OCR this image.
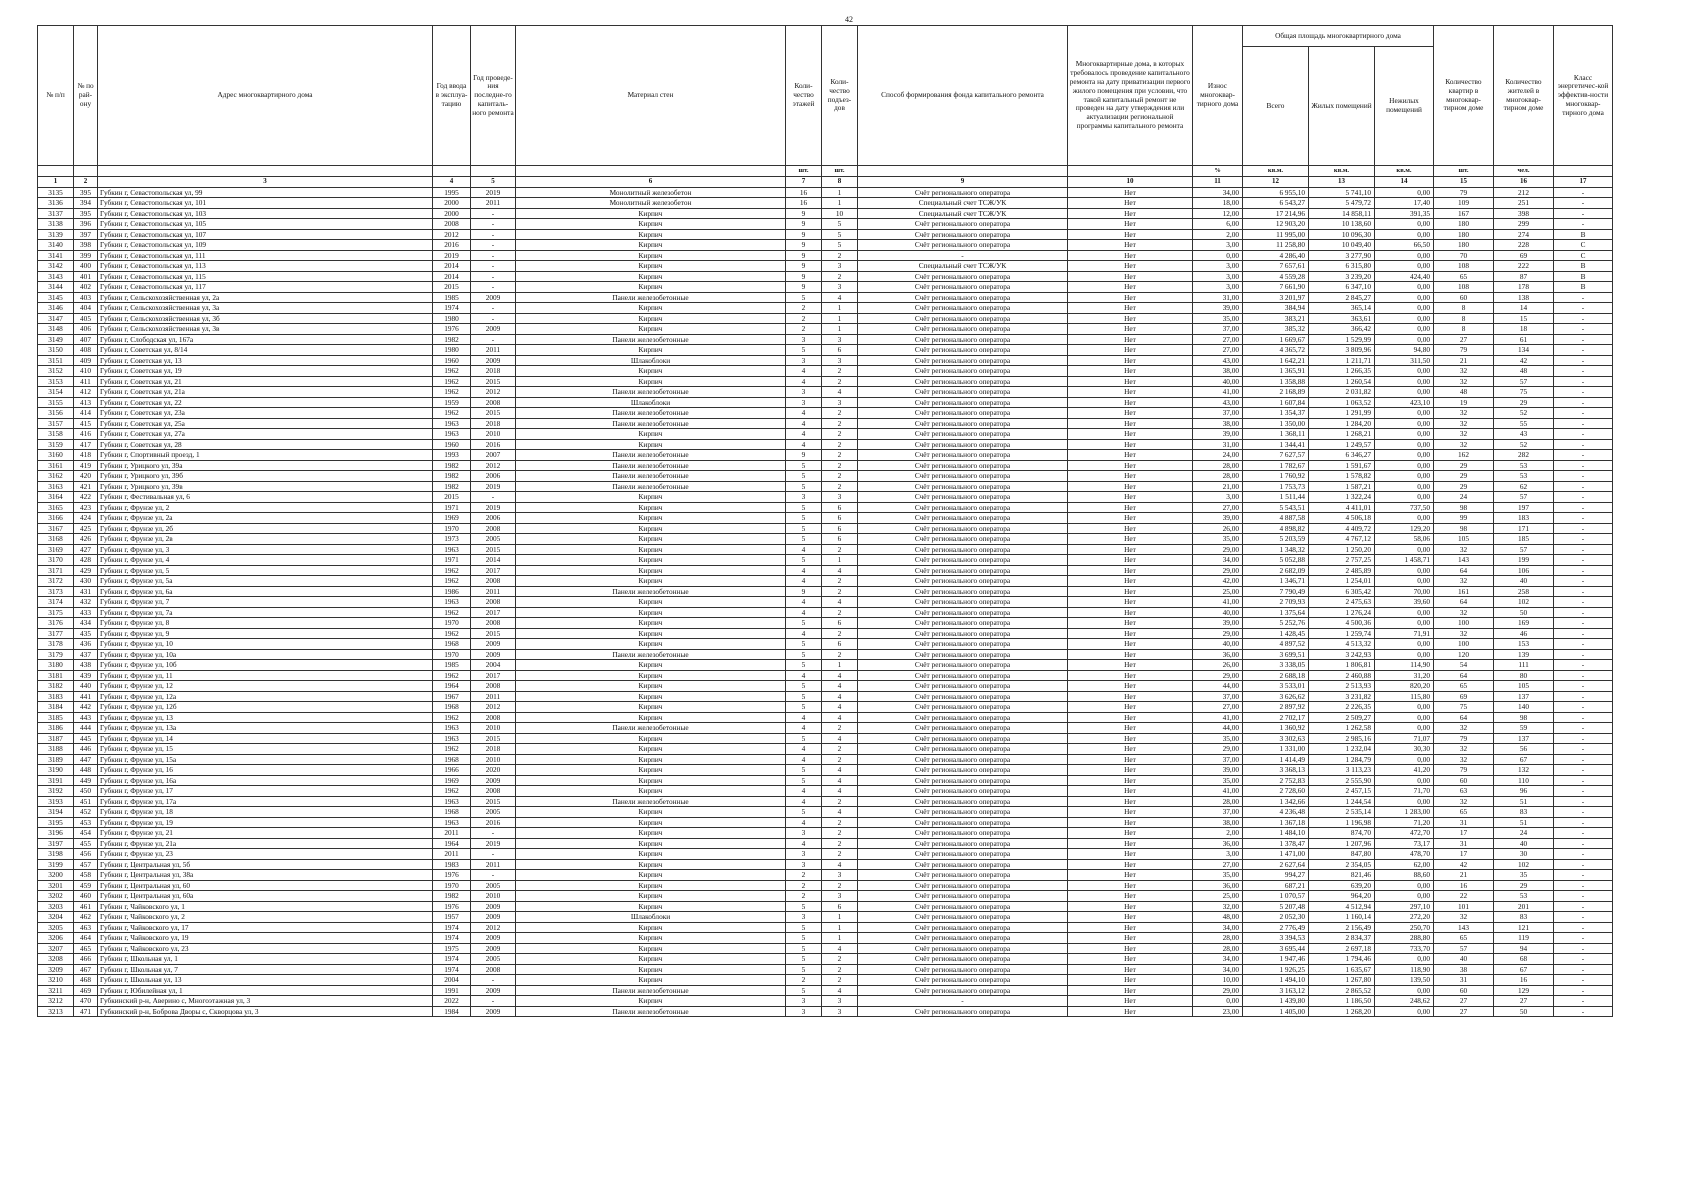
42
№ п/п	№ по рай-ону	Адрес многоквартирного дома	Год ввода в эксплуа-тацию	Год проведе-ния последне-го капиталь-ного ремонта	Материал стен	Коли-чество этажей	Коли-чество подъез-дов	Способ формирования фонда капитального ремонта	Многоквартирные дома, в которых требовалось проведение капитального ремонта на дату приватизации первого жилого помещения при условии, что такой капитальный ремонт не проведен на дату утверждения или актуализации региональной программы капитального ремонта	Износ многоквар-тирного дома	Общая площадь многоквартирного дома			Количество квартир в многоквар-тирном доме	Количество жителей в многоквар-тирном доме	Класс энергетичес-кой эффектив-ности многоквар-тирного дома
											Всего	Жилых помещений	Нежилых помещений			
						шт.	шт.			%	кв.м.	кв.м.	кв.м.	шт.	чел.	
1	2	3	4	5	6	7	8	9	10	11	12	13	14	15	16	17
3135	395	Губкин г, Севастопольская ул, 99	1995	2019	Монолитный железобетон	16	1	Счёт регионального оператора	Нет	34,00	6 955,10	5 741,10	0,00	79	212	-
3136	394	Губкин г, Севастопольская ул, 101	2000	2011	Монолитный железобетон	16	1	Специальный счет ТСЖ/УК	Нет	18,00	6 543,27	5 479,72	17,40	109	251	-
3137	395	Губкин г, Севастопольская ул, 103	2000	-	Кирпич	9	10	Специальный счет ТСЖ/УК	Нет	12,00	17 214,96	14 858,11	391,35	167	398	-
3138	396	Губкин г, Севастопольская ул, 105	2008	-	Кирпич	9	5	Счёт регионального оператора	Нет	6,00	12 903,20	10 138,60	0,00	180	299	-
3139	397	Губкин г, Севастопольская ул, 107	2012	-	Кирпич	9	5	Счёт регионального оператора	Нет	2,00	11 995,00	10 096,30	0,00	180	274	B
3140	398	Губкин г, Севастопольская ул, 109	2016	-	Кирпич	9	5	Счёт регионального оператора	Нет	3,00	11 258,80	10 049,40	66,50	180	228	C
3141	399	Губкин г, Севастопольская ул, 111	2019	-	Кирпич	9	2	-	Нет	0,00	4 286,40	3 277,90	0,00	70	69	C
3142	400	Губкин г, Севастопольская ул, 113	2014	-	Кирпич	9	3	Специальный счет ТСЖ/УК	Нет	3,00	7 657,61	6 315,80	0,00	108	222	B
3143	401	Губкин г, Севастопольская ул, 115	2014	-	Кирпич	9	2	Счёт регионального оператора	Нет	3,00	4 559,28	3 239,20	424,40	65	87	B
3144	402	Губкин г, Севастопольская ул, 117	2015	-	Кирпич	9	3	Счёт регионального оператора	Нет	3,00	7 661,90	6 347,10	0,00	108	178	B
3145	403	Губкин г, Сельскохозяйственная ул, 2а	1985	2009	Панели железобетонные	5	4	Счёт регионального оператора	Нет	31,00	3 201,97	2 845,27	0,00	60	138	-
3146	404	Губкин г, Сельскохозяйственная ул, 3а	1974	-	Кирпич	2	1	Счёт регионального оператора	Нет	39,00	384,94	365,14	0,00	8	14	-
3147	405	Губкин г, Сельскохозяйственная ул, 3б	1980	-	Кирпич	2	1	Счёт регионального оператора	Нет	35,00	383,21	363,61	0,00	8	15	-
3148	406	Губкин г, Сельскохозяйственная ул, 3в	1976	2009	Кирпич	2	1	Счёт регионального оператора	Нет	37,00	385,32	366,42	0,00	8	18	-
3149	407	Губкин г, Слободская ул, 167а	1982	-	Панели железобетонные	3	3	Счёт регионального оператора	Нет	27,00	1 669,67	1 529,99	0,00	27	61	-
3150	408	Губкин г, Советская ул, 8/14	1980	2011	Кирпич	5	6	Счёт регионального оператора	Нет	27,00	4 365,72	3 809,96	94,80	79	134	-
3151	409	Губкин г, Советская ул, 13	1960	2009	Шлакоблоки	3	3	Счёт регионального оператора	Нет	43,00	1 642,21	1 211,71	311,50	21	42	-
3152	410	Губкин г, Советская ул, 19	1962	2018	Кирпич	4	2	Счёт регионального оператора	Нет	38,00	1 365,91	1 266,35	0,00	32	48	-
3153	411	Губкин г, Советская ул, 21	1962	2015	Кирпич	4	2	Счёт регионального оператора	Нет	40,00	1 358,88	1 260,54	0,00	32	57	-
3154	412	Губкин г, Советская ул, 21а	1962	2012	Панели железобетонные	3	4	Счёт регионального оператора	Нет	41,00	2 168,89	2 031,82	0,00	48	75	-
3155	413	Губкин г, Советская ул, 22	1959	2008	Шлакоблоки	3	3	Счёт регионального оператора	Нет	43,00	1 607,84	1 063,52	423,10	19	29	-
3156	414	Губкин г, Советская ул, 23а	1962	2015	Панели железобетонные	4	2	Счёт регионального оператора	Нет	37,00	1 354,37	1 291,99	0,00	32	52	-
3157	415	Губкин г, Советская ул, 25а	1963	2018	Панели железобетонные	4	2	Счёт регионального оператора	Нет	38,00	1 350,00	1 284,20	0,00	32	55	-
3158	416	Губкин г, Советская ул, 27а	1963	2010	Кирпич	4	2	Счёт регионального оператора	Нет	39,00	1 368,11	1 268,21	0,00	32	43	-
3159	417	Губкин г, Советская ул, 28	1960	2016	Кирпич	4	2	Счёт регионального оператора	Нет	31,00	1 344,41	1 249,57	0,00	32	52	-
3160	418	Губкин г, Спортивный проезд, 1	1993	2007	Панели железобетонные	9	2	Счёт регионального оператора	Нет	24,00	7 627,57	6 346,27	0,00	162	282	-
3161	419	Губкин г, Урицкого ул, 39а	1982	2012	Панели железобетонные	5	2	Счёт регионального оператора	Нет	28,00	1 782,67	1 591,67	0,00	29	53	-
3162	420	Губкин г, Урицкого ул, 39б	1982	2006	Панели железобетонные	5	2	Счёт регионального оператора	Нет	28,00	1 760,92	1 578,82	0,00	29	53	-
3163	421	Губкин г, Урицкого ул, 39в	1982	2019	Панели железобетонные	5	2	Счёт регионального оператора	Нет	21,00	1 753,73	1 587,21	0,00	29	62	-
3164	422	Губкин г, Фестивальная ул, 6	2015	-	Кирпич	3	3	Счёт регионального оператора	Нет	3,00	1 511,44	1 322,24	0,00	24	57	-
3165	423	Губкин г, Фрунзе ул, 2	1971	2019	Кирпич	5	6	Счёт регионального оператора	Нет	27,00	5 543,51	4 411,01	737,50	98	197	-
3166	424	Губкин г, Фрунзе ул, 2а	1969	2006	Кирпич	5	6	Счёт регионального оператора	Нет	39,00	4 887,58	4 506,18	0,00	99	183	-
3167	425	Губкин г, Фрунзе ул, 2б	1970	2008	Кирпич	5	6	Счёт регионального оператора	Нет	26,00	4 898,82	4 409,72	129,20	98	171	-
3168	426	Губкин г, Фрунзе ул, 2в	1973	2005	Кирпич	5	6	Счёт регионального оператора	Нет	35,00	5 203,59	4 767,12	58,06	105	185	-
3169	427	Губкин г, Фрунзе ул, 3	1963	2015	Кирпич	4	2	Счёт регионального оператора	Нет	29,00	1 348,32	1 250,20	0,00	32	57	-
3170	428	Губкин г, Фрунзе ул, 4	1971	2014	Кирпич	5	1	Счёт регионального оператора	Нет	34,00	5 052,88	2 757,25	1 458,71	143	199	-
3171	429	Губкин г, Фрунзе ул, 5	1962	2017	Кирпич	4	4	Счёт регионального оператора	Нет	29,00	2 682,09	2 485,89	0,00	64	106	-
3172	430	Губкин г, Фрунзе ул, 5а	1962	2008	Кирпич	4	2	Счёт регионального оператора	Нет	42,00	1 346,71	1 254,01	0,00	32	40	-
3173	431	Губкин г, Фрунзе ул, 6а	1986	2011	Панели железобетонные	9	2	Счёт регионального оператора	Нет	25,00	7 790,49	6 305,42	70,00	161	258	-
3174	432	Губкин г, Фрунзе ул, 7	1963	2008	Кирпич	4	4	Счёт регионального оператора	Нет	41,00	2 709,93	2 475,63	39,60	64	102	-
3175	433	Губкин г, Фрунзе ул, 7а	1962	2017	Кирпич	4	2	Счёт регионального оператора	Нет	40,00	1 375,64	1 276,24	0,00	32	50	-
3176	434	Губкин г, Фрунзе ул, 8	1970	2008	Кирпич	5	6	Счёт регионального оператора	Нет	39,00	5 252,76	4 500,36	0,00	100	169	-
3177	435	Губкин г, Фрунзе ул, 9	1962	2015	Кирпич	4	2	Счёт регионального оператора	Нет	29,00	1 428,45	1 259,74	71,91	32	46	-
3178	436	Губкин г, Фрунзе ул, 10	1968	2009	Кирпич	5	6	Счёт регионального оператора	Нет	40,00	4 897,52	4 513,32	0,00	100	153	-
3179	437	Губкин г, Фрунзе ул, 10а	1970	2009	Панели железобетонные	5	2	Счёт регионального оператора	Нет	36,00	3 699,51	3 242,93	0,00	120	139	-
3180	438	Губкин г, Фрунзе ул, 10б	1985	2004	Кирпич	5	1	Счёт регионального оператора	Нет	26,00	3 338,05	1 806,81	114,90	54	111	-
3181	439	Губкин г, Фрунзе ул, 11	1962	2017	Кирпич	4	4	Счёт регионального оператора	Нет	29,00	2 688,18	2 460,88	31,20	64	80	-
3182	440	Губкин г, Фрунзе ул, 12	1964	2008	Кирпич	5	4	Счёт регионального оператора	Нет	44,00	3 533,01	2 513,93	820,20	65	105	-
3183	441	Губкин г, Фрунзе ул, 12а	1967	2011	Кирпич	5	4	Счёт регионального оператора	Нет	37,00	3 626,62	3 231,82	115,80	69	137	-
3184	442	Губкин г, Фрунзе ул, 12б	1968	2012	Кирпич	5	4	Счёт регионального оператора	Нет	27,00	2 897,92	2 226,35	0,00	75	140	-
3185	443	Губкин г, Фрунзе ул, 13	1962	2008	Кирпич	4	4	Счёт регионального оператора	Нет	41,00	2 702,17	2 509,27	0,00	64	98	-
3186	444	Губкин г, Фрунзе ул, 13а	1963	2010	Панели железобетонные	4	2	Счёт регионального оператора	Нет	44,00	1 360,92	1 262,58	0,00	32	59	-
3187	445	Губкин г, Фрунзе ул, 14	1963	2015	Кирпич	5	4	Счёт регионального оператора	Нет	35,00	3 302,63	2 985,16	71,07	79	137	-
3188	446	Губкин г, Фрунзе ул, 15	1962	2018	Кирпич	4	2	Счёт регионального оператора	Нет	29,00	1 331,00	1 232,04	30,30	32	56	-
3189	447	Губкин г, Фрунзе ул, 15а	1968	2010	Кирпич	4	2	Счёт регионального оператора	Нет	37,00	1 414,49	1 284,79	0,00	32	67	-
3190	448	Губкин г, Фрунзе ул, 16	1966	2020	Кирпич	5	4	Счёт регионального оператора	Нет	39,00	3 368,13	3 113,23	41,20	79	132	-
3191	449	Губкин г, Фрунзе ул, 16а	1969	2009	Кирпич	5	4	Счёт регионального оператора	Нет	35,00	2 752,83	2 555,90	0,00	60	110	-
3192	450	Губкин г, Фрунзе ул, 17	1962	2008	Кирпич	4	4	Счёт регионального оператора	Нет	41,00	2 728,60	2 457,15	71,70	63	96	-
3193	451	Губкин г, Фрунзе ул, 17а	1963	2015	Панели железобетонные	4	2	Счёт регионального оператора	Нет	28,00	1 342,66	1 244,54	0,00	32	51	-
3194	452	Губкин г, Фрунзе ул, 18	1968	2005	Кирпич	5	4	Счёт регионального оператора	Нет	37,00	4 236,48	2 535,14	1 283,00	65	83	-
3195	453	Губкин г, Фрунзе ул, 19	1963	2016	Кирпич	4	2	Счёт регионального оператора	Нет	38,00	1 367,18	1 196,98	71,20	31	51	-
3196	454	Губкин г, Фрунзе ул, 21	2011	-	Кирпич	3	2	Счёт регионального оператора	Нет	2,00	1 484,10	874,70	472,70	17	24	-
3197	455	Губкин г, Фрунзе ул, 21а	1964	2019	Кирпич	4	2	Счёт регионального оператора	Нет	36,00	1 378,47	1 207,96	73,17	31	40	-
3198	456	Губкин г, Фрунзе ул, 23	2011	-	Кирпич	3	2	Счёт регионального оператора	Нет	3,00	1 471,00	847,80	478,70	17	30	-
3199	457	Губкин г, Центральная ул, 5б	1983	2011	Кирпич	3	4	Счёт регионального оператора	Нет	27,00	2 627,64	2 354,05	62,00	42	102	-
3200	458	Губкин г, Центральная ул, 38а	1976	-	Кирпич	2	3	Счёт регионального оператора	Нет	35,00	994,27	821,46	88,60	21	35	-
3201	459	Губкин г, Центральная ул, 60	1970	2005	Кирпич	2	2	Счёт регионального оператора	Нет	36,00	687,21	639,20	0,00	16	29	-
3202	460	Губкин г, Центральная ул, 60а	1982	2010	Кирпич	2	3	Счёт регионального оператора	Нет	25,00	1 070,57	964,20	0,00	22	53	-
3203	461	Губкин г, Чайковского ул, 1	1976	2009	Кирпич	5	6	Счёт регионального оператора	Нет	32,00	5 207,48	4 512,94	297,10	101	201	-
3204	462	Губкин г, Чайковского ул, 2	1957	2009	Шлакоблоки	3	1	Счёт регионального оператора	Нет	48,00	2 052,30	1 160,14	272,20	32	83	-
3205	463	Губкин г, Чайковского ул, 17	1974	2012	Кирпич	5	1	Счёт регионального оператора	Нет	34,00	2 776,49	2 156,49	250,70	143	121	-
3206	464	Губкин г, Чайковского ул, 19	1974	2009	Кирпич	5	1	Счёт регионального оператора	Нет	28,00	3 394,53	2 834,37	288,80	65	119	-
3207	465	Губкин г, Чайковского ул, 23	1975	2009	Кирпич	5	4	Счёт регионального оператора	Нет	28,00	3 695,44	2 697,18	733,70	57	94	-
3208	466	Губкин г, Школьная ул, 1	1974	2005	Кирпич	5	2	Счёт регионального оператора	Нет	34,00	1 947,46	1 794,46	0,00	40	68	-
3209	467	Губкин г, Школьная ул, 7	1974	2008	Кирпич	5	2	Счёт регионального оператора	Нет	34,00	1 926,25	1 635,67	118,90	38	67	-
3210	468	Губкин г, Школьная ул, 13	2004	-	Кирпич	2	2	Счёт регионального оператора	Нет	10,00	1 494,10	1 267,80	139,50	31	16	-
3211	469	Губкин г, Юбилейная ул, 1	1991	2009	Панели железобетонные	5	4	Счёт регионального оператора	Нет	29,00	3 163,12	2 865,52	0,00	60	129	-
3212	470	Губкинский р-н, Аверино с, Многоэтажная ул, 3	2022	-	Кирпич	3	3	-	Нет	0,00	1 439,80	1 186,50	248,62	27	27	-
3213	471	Губкинский р-н, Боброва Дворы с, Скворцова ул, 3	1984	2009	Панели железобетонные	3	3	Счёт регионального оператора	Нет	23,00	1 405,00	1 268,20	0,00	27	50	-
